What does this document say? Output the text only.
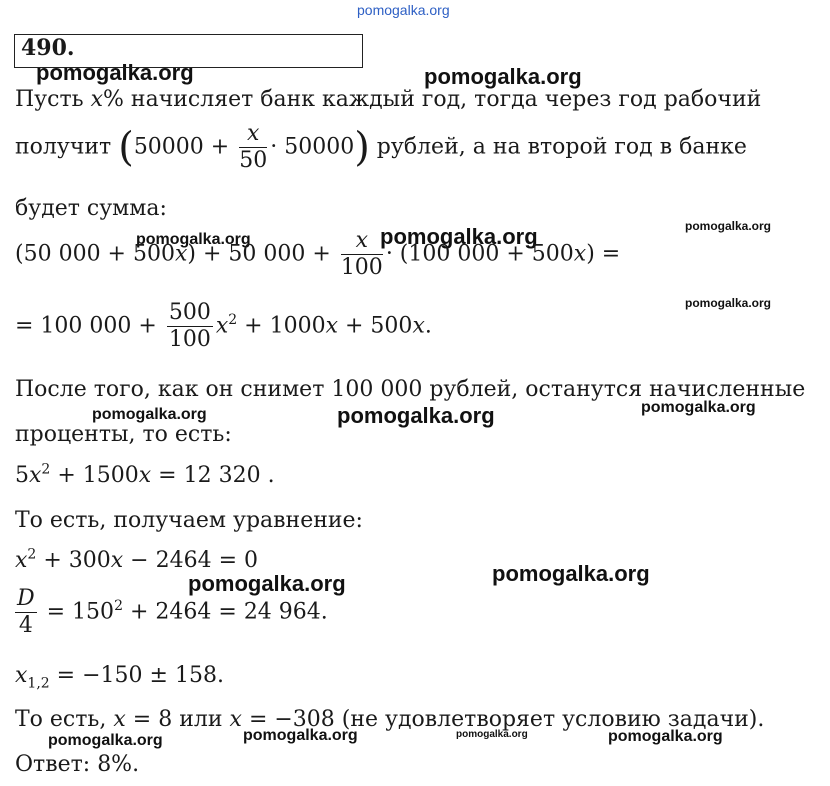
pomogalka.org
pomogalka.org	pomogalka.org
pomogalka.org
pomogalka.org	pomogalka.org
pomogalka.org
pomogalka.org	pomogalka.org	pomogalka.org
pomogalka.org	pomogalka.org
pomogalka.org	pomogalka.org	pomogalka.org	pomogalka.org
490.
Пусть x% начисляет банк каждый год, тогда через год рабочий
получит $(50000 + \frac{x}{50} \cdot 50000)$ рублей, а на второй год в банке
будет сумма:
(50 000 + 500x) + 50 $000 + \frac{x}{100} \cdot (100$ 000 + 500x) =
= 100 $000 + \frac{500}{100} x^2 + 1000x + 500x$.
После того, как он снимет 100 000 рублей, останутся начисленные
проценты, то есть:
$5x^2 + 1500x = 12$ 320 .
То есть, получаем уравнение:
$x^2 + 300x - 2464 = 0$
$\frac{D}{4} = 150^2 + 2464 = 24$ 964.
$x_{1,2} = -150 \pm 158$.
То есть, x = 8 или x = −308 (не удовлетворяет условию задачи).
Ответ: 8%.
